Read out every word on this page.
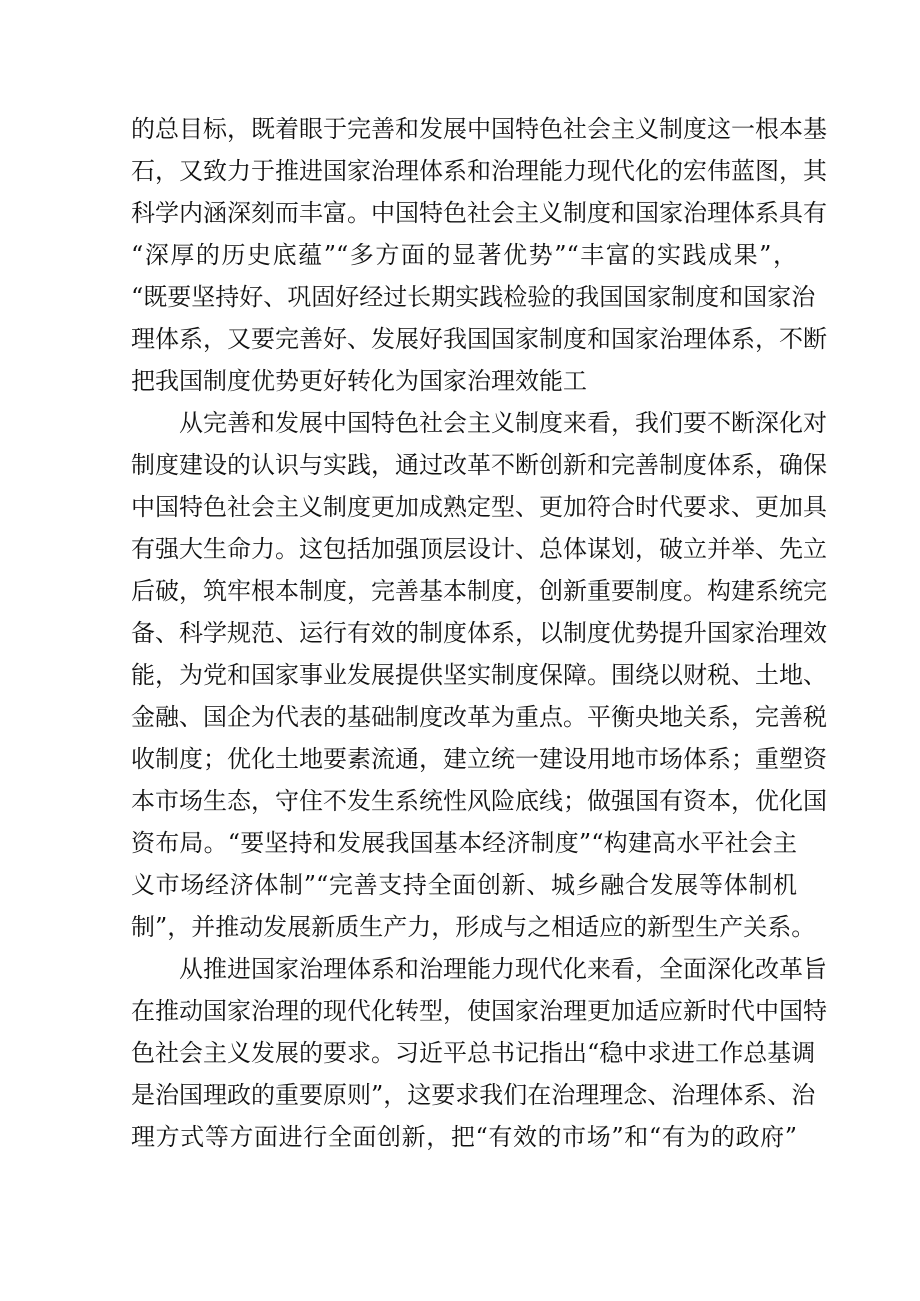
的总目标，既着眼于完善和发展中国特色社会主义制度这一根本基
石，又致力于推进国家治理体系和治理能力现代化的宏伟蓝图，其
科学内涵深刻而丰富。中国特色社会主义制度和国家治理体系具有
“深厚的历史底蕴”“多方面的显著优势”“丰富的实践成果”，
“既要坚持好、巩固好经过长期实践检验的我国国家制度和国家治
理体系，又要完善好、发展好我国国家制度和国家治理体系，不断
把我国制度优势更好转化为国家治理效能工
从完善和发展中国特色社会主义制度来看，我们要不断深化对
制度建设的认识与实践，通过改革不断创新和完善制度体系，确保
中国特色社会主义制度更加成熟定型、更加符合时代要求、更加具
有强大生命力。这包括加强顶层设计、总体谋划，破立并举、先立
后破，筑牢根本制度，完善基本制度，创新重要制度。构建系统完
备、科学规范、运行有效的制度体系，以制度优势提升国家治理效
能，为党和国家事业发展提供坚实制度保障。围绕以财税、土地、
金融、国企为代表的基础制度改革为重点。平衡央地关系，完善税
收制度；优化土地要素流通，建立统一建设用地市场体系；重塑资
本市场生态，守住不发生系统性风险底线；做强国有资本，优化国
资布局。“要坚持和发展我国基本经济制度”“构建高水平社会主
义市场经济体制”“完善支持全面创新、城乡融合发展等体制机
制”，并推动发展新质生产力，形成与之相适应的新型生产关系。
从推进国家治理体系和治理能力现代化来看，全面深化改革旨
在推动国家治理的现代化转型，使国家治理更加适应新时代中国特
色社会主义发展的要求。习近平总书记指出“稳中求进工作总基调
是治国理政的重要原则”，这要求我们在治理理念、治理体系、治
理方式等方面进行全面创新，把“有效的市场”和“有为的政府”
